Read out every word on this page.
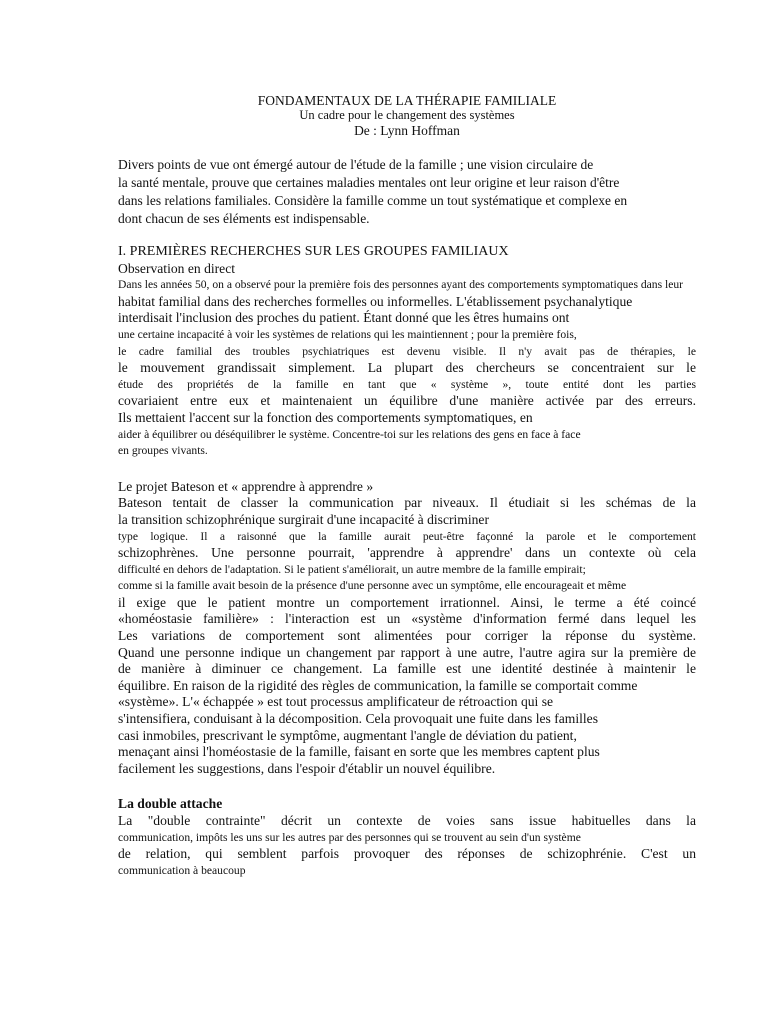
FONDAMENTAUX DE LA THÉRAPIE FAMILIALE
Un cadre pour le changement des systèmes
De : Lynn Hoffman
Divers points de vue ont émergé autour de l'étude de la famille ; une vision circulaire de
la santé mentale, prouve que certaines maladies mentales ont leur origine et leur raison d'être
dans les relations familiales. Considère la famille comme un tout systématique et complexe en
dont chacun de ses éléments est indispensable.
I. PREMIÈRES RECHERCHES SUR LES GROUPES FAMILIAUX
Observation en direct
Dans les années 50, on a observé pour la première fois des personnes ayant des comportements symptomatiques dans leur
habitat familial dans des recherches formelles ou informelles. L'établissement psychanalytique
interdisait l'inclusion des proches du patient. Étant donné que les êtres humains ont
une certaine incapacité à voir les systèmes de relations qui les maintiennent ; pour la première fois,
le cadre familial des troubles psychiatriques est devenu visible. Il n'y avait pas de thérapies, le
le mouvement grandissait simplement. La plupart des chercheurs se concentraient sur le
étude des propriétés de la famille en tant que « système », toute entité dont les parties
covariaient entre eux et maintenaient un équilibre d'une manière activée par des erreurs.
Ils mettaient l'accent sur la fonction des comportements symptomatiques, en
aider à équilibrer ou déséquilibrer le système. Concentre-toi sur les relations des gens en face à face
en groupes vivants.
Le projet Bateson et « apprendre à apprendre »
Bateson tentait de classer la communication par niveaux. Il étudiait si les schémas de la
la transition schizophrénique surgirait d'une incapacité à discriminer
type logique. Il a raisonné que la famille aurait peut-être façonné la parole et le comportement
schizophrènes. Une personne pourrait, 'apprendre à apprendre' dans un contexte où cela
difficulté en dehors de l'adaptation. Si le patient s'améliorait, un autre membre de la famille empirait;
comme si la famille avait besoin de la présence d'une personne avec un symptôme, elle encourageait et même
il exige que le patient montre un comportement irrationnel. Ainsi, le terme a été coincé
«homéostasie familière» : l'interaction est un «système d'information fermé dans lequel les
Les variations de comportement sont alimentées pour corriger la réponse du système.
Quand une personne indique un changement par rapport à une autre, l'autre agira sur la première de
de manière à diminuer ce changement. La famille est une identité destinée à maintenir le
équilibre. En raison de la rigidité des règles de communication, la famille se comportait comme
«système». L'« échappée » est tout processus amplificateur de rétroaction qui se
s'intensifiera, conduisant à la décomposition. Cela provoquait une fuite dans les familles
casi inmobiles, prescrivant le symptôme, augmentant l'angle de déviation du patient,
menaçant ainsi l'homéostasie de la famille, faisant en sorte que les membres captent plus
facilement les suggestions, dans l'espoir d'établir un nouvel équilibre.
La double attache
La "double contrainte" décrit un contexte de voies sans issue habituelles dans la
communication, impôts les uns sur les autres par des personnes qui se trouvent au sein d'un système
de relation, qui semblent parfois provoquer des réponses de schizophrénie. C'est un
communication à beaucoup
